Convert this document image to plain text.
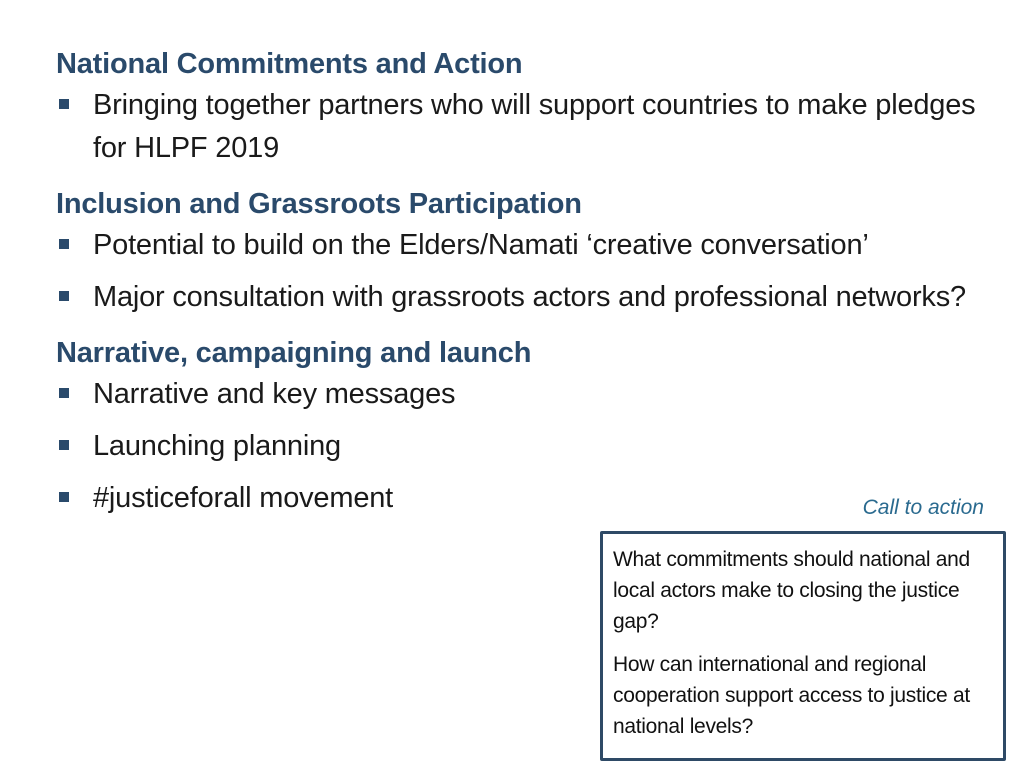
National Commitments and Action
Bringing together partners who will support countries to make pledges for HLPF 2019
Inclusion and Grassroots Participation
Potential to build on the Elders/Namati ‘creative conversation’
Major consultation with grassroots actors and professional networks?
Narrative, campaigning and launch
Narrative and key messages
Launching planning
#justiceforall movement	Call to action

What commitments should national and local actors make to closing the justice gap?

How can international and regional cooperation support access to justice at national levels?
